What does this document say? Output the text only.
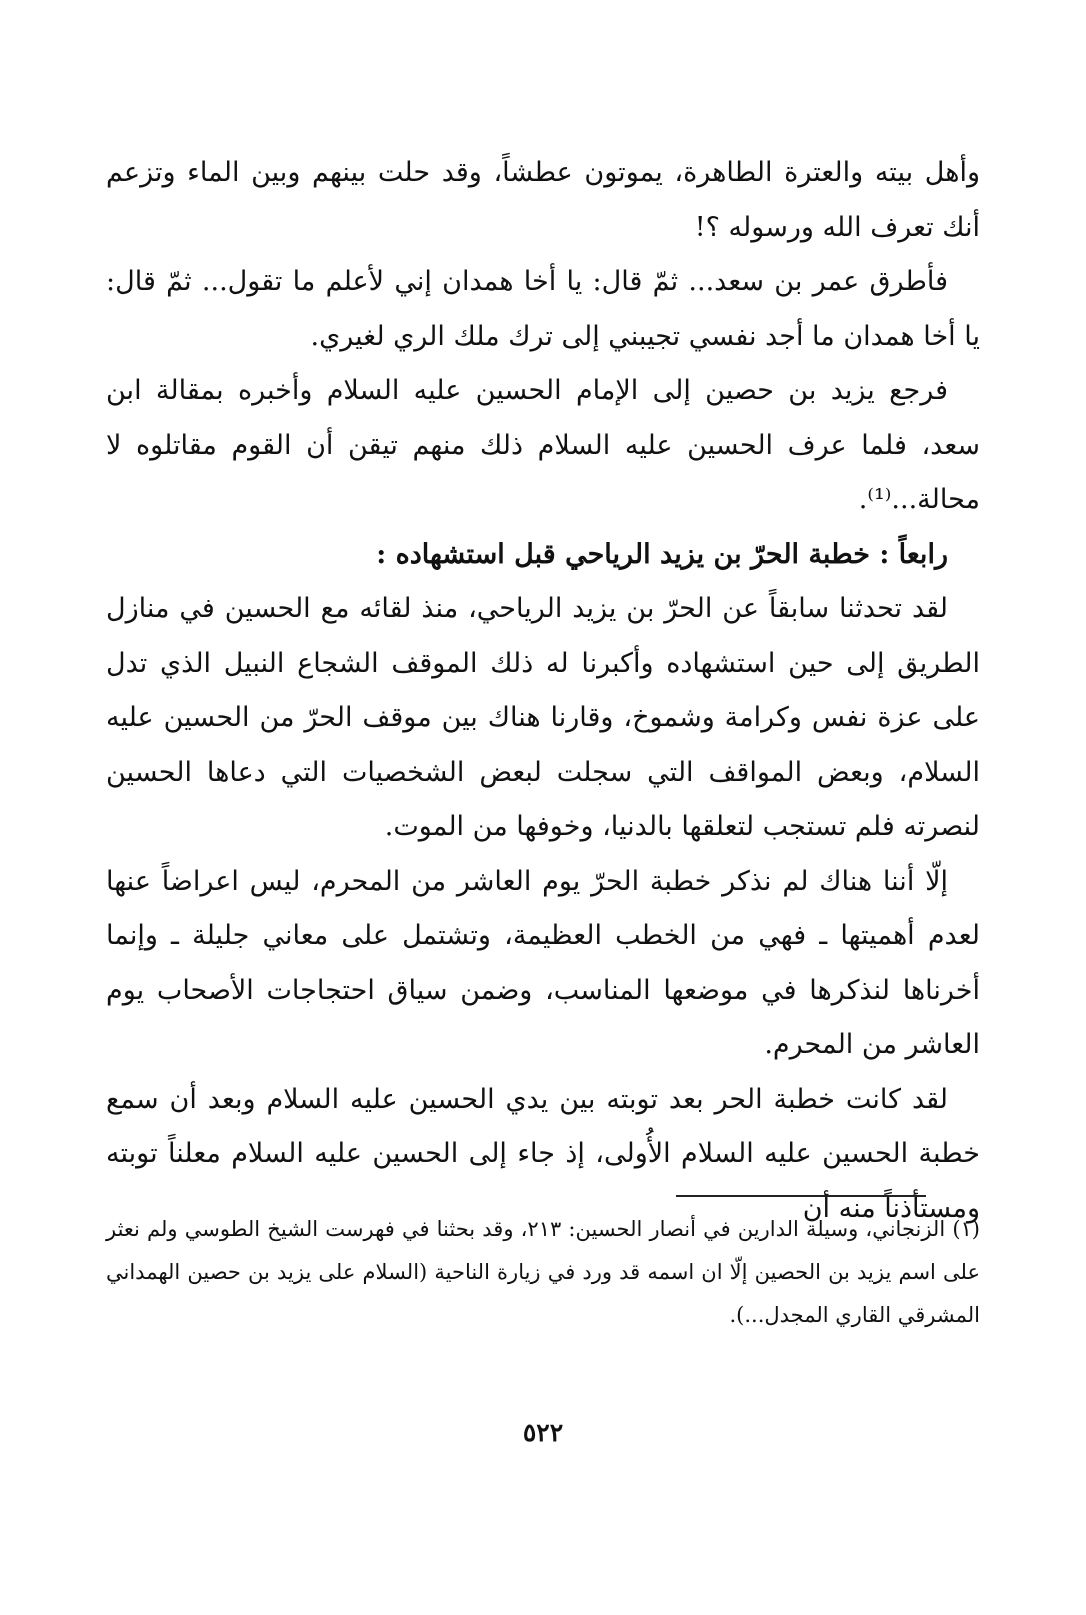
وأهل بيته والعترة الطاهرة، يموتون عطشاً، وقد حلت بينهم وبين الماء وتزعم أنك تعرف الله ورسوله ؟!

فأطرق عمر بن سعد... ثمّ قال: يا أخا همدان إني لأعلم ما تقول... ثمّ قال: يا أخا همدان ما أجد نفسي تجيبني إلى ترك ملك الري لغيري.

فرجع يزيد بن حصين إلى الإمام الحسين عليه السلام وأخبره بمقالة ابن سعد، فلما عرف الحسين عليه السلام ذلك منهم تيقن أن القوم مقاتلوه لا محالة...⁽¹⁾.

رابعاً : خطبة الحرّ بن يزيد الرياحي قبل استشهاده :

لقد تحدثنا سابقاً عن الحرّ بن يزيد الرياحي، منذ لقائه مع الحسين في منازل الطريق إلى حين استشهاده وأكبرنا له ذلك الموقف الشجاع النبيل الذي تدل على عزة نفس وكرامة وشموخ، وقارنا هناك بين موقف الحرّ من الحسين عليه السلام، وبعض المواقف التي سجلت لبعض الشخصيات التي دعاها الحسين لنصرته فلم تستجب لتعلقها بالدنيا، وخوفها من الموت.

إلّا أننا هناك لم نذكر خطبة الحرّ يوم العاشر من المحرم، ليس اعراضاً عنها لعدم أهميتها ـ فهي من الخطب العظيمة، وتشتمل على معاني جليلة ـ وإنما أخرناها لنذكرها في موضعها المناسب، وضمن سياق احتجاجات الأصحاب يوم العاشر من المحرم.

لقد كانت خطبة الحر بعد توبته بين يدي الحسين عليه السلام وبعد أن سمع خطبة الحسين عليه السلام الأُولى، إذ جاء إلى الحسين عليه السلام معلناً توبته ومستأذناً منه أن

(١) الزنجاني، وسيلة الدارين في أنصار الحسين: ٢١٣، وقد بحثنا في فهرست الشيخ الطوسي ولم نعثر على اسم يزيد بن الحصين إلّا ان اسمه قد ورد في زيارة الناحية (السلام على يزيد بن حصين الهمداني المشرقي القاري المجدل...).

٥٢٢
